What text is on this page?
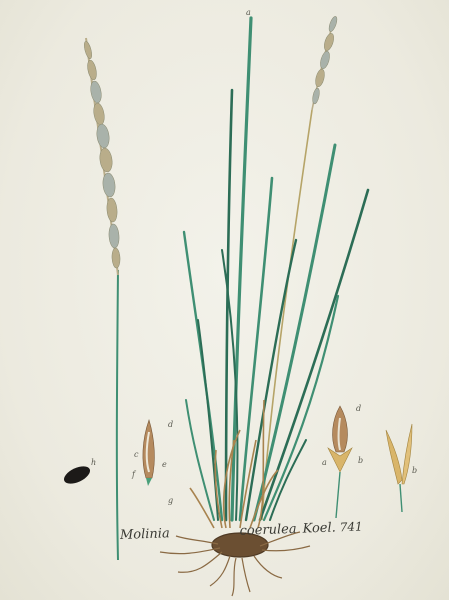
a
h
d
c
e
f
g
d
a	b
b
Molinia	coerulea Koel. 741
